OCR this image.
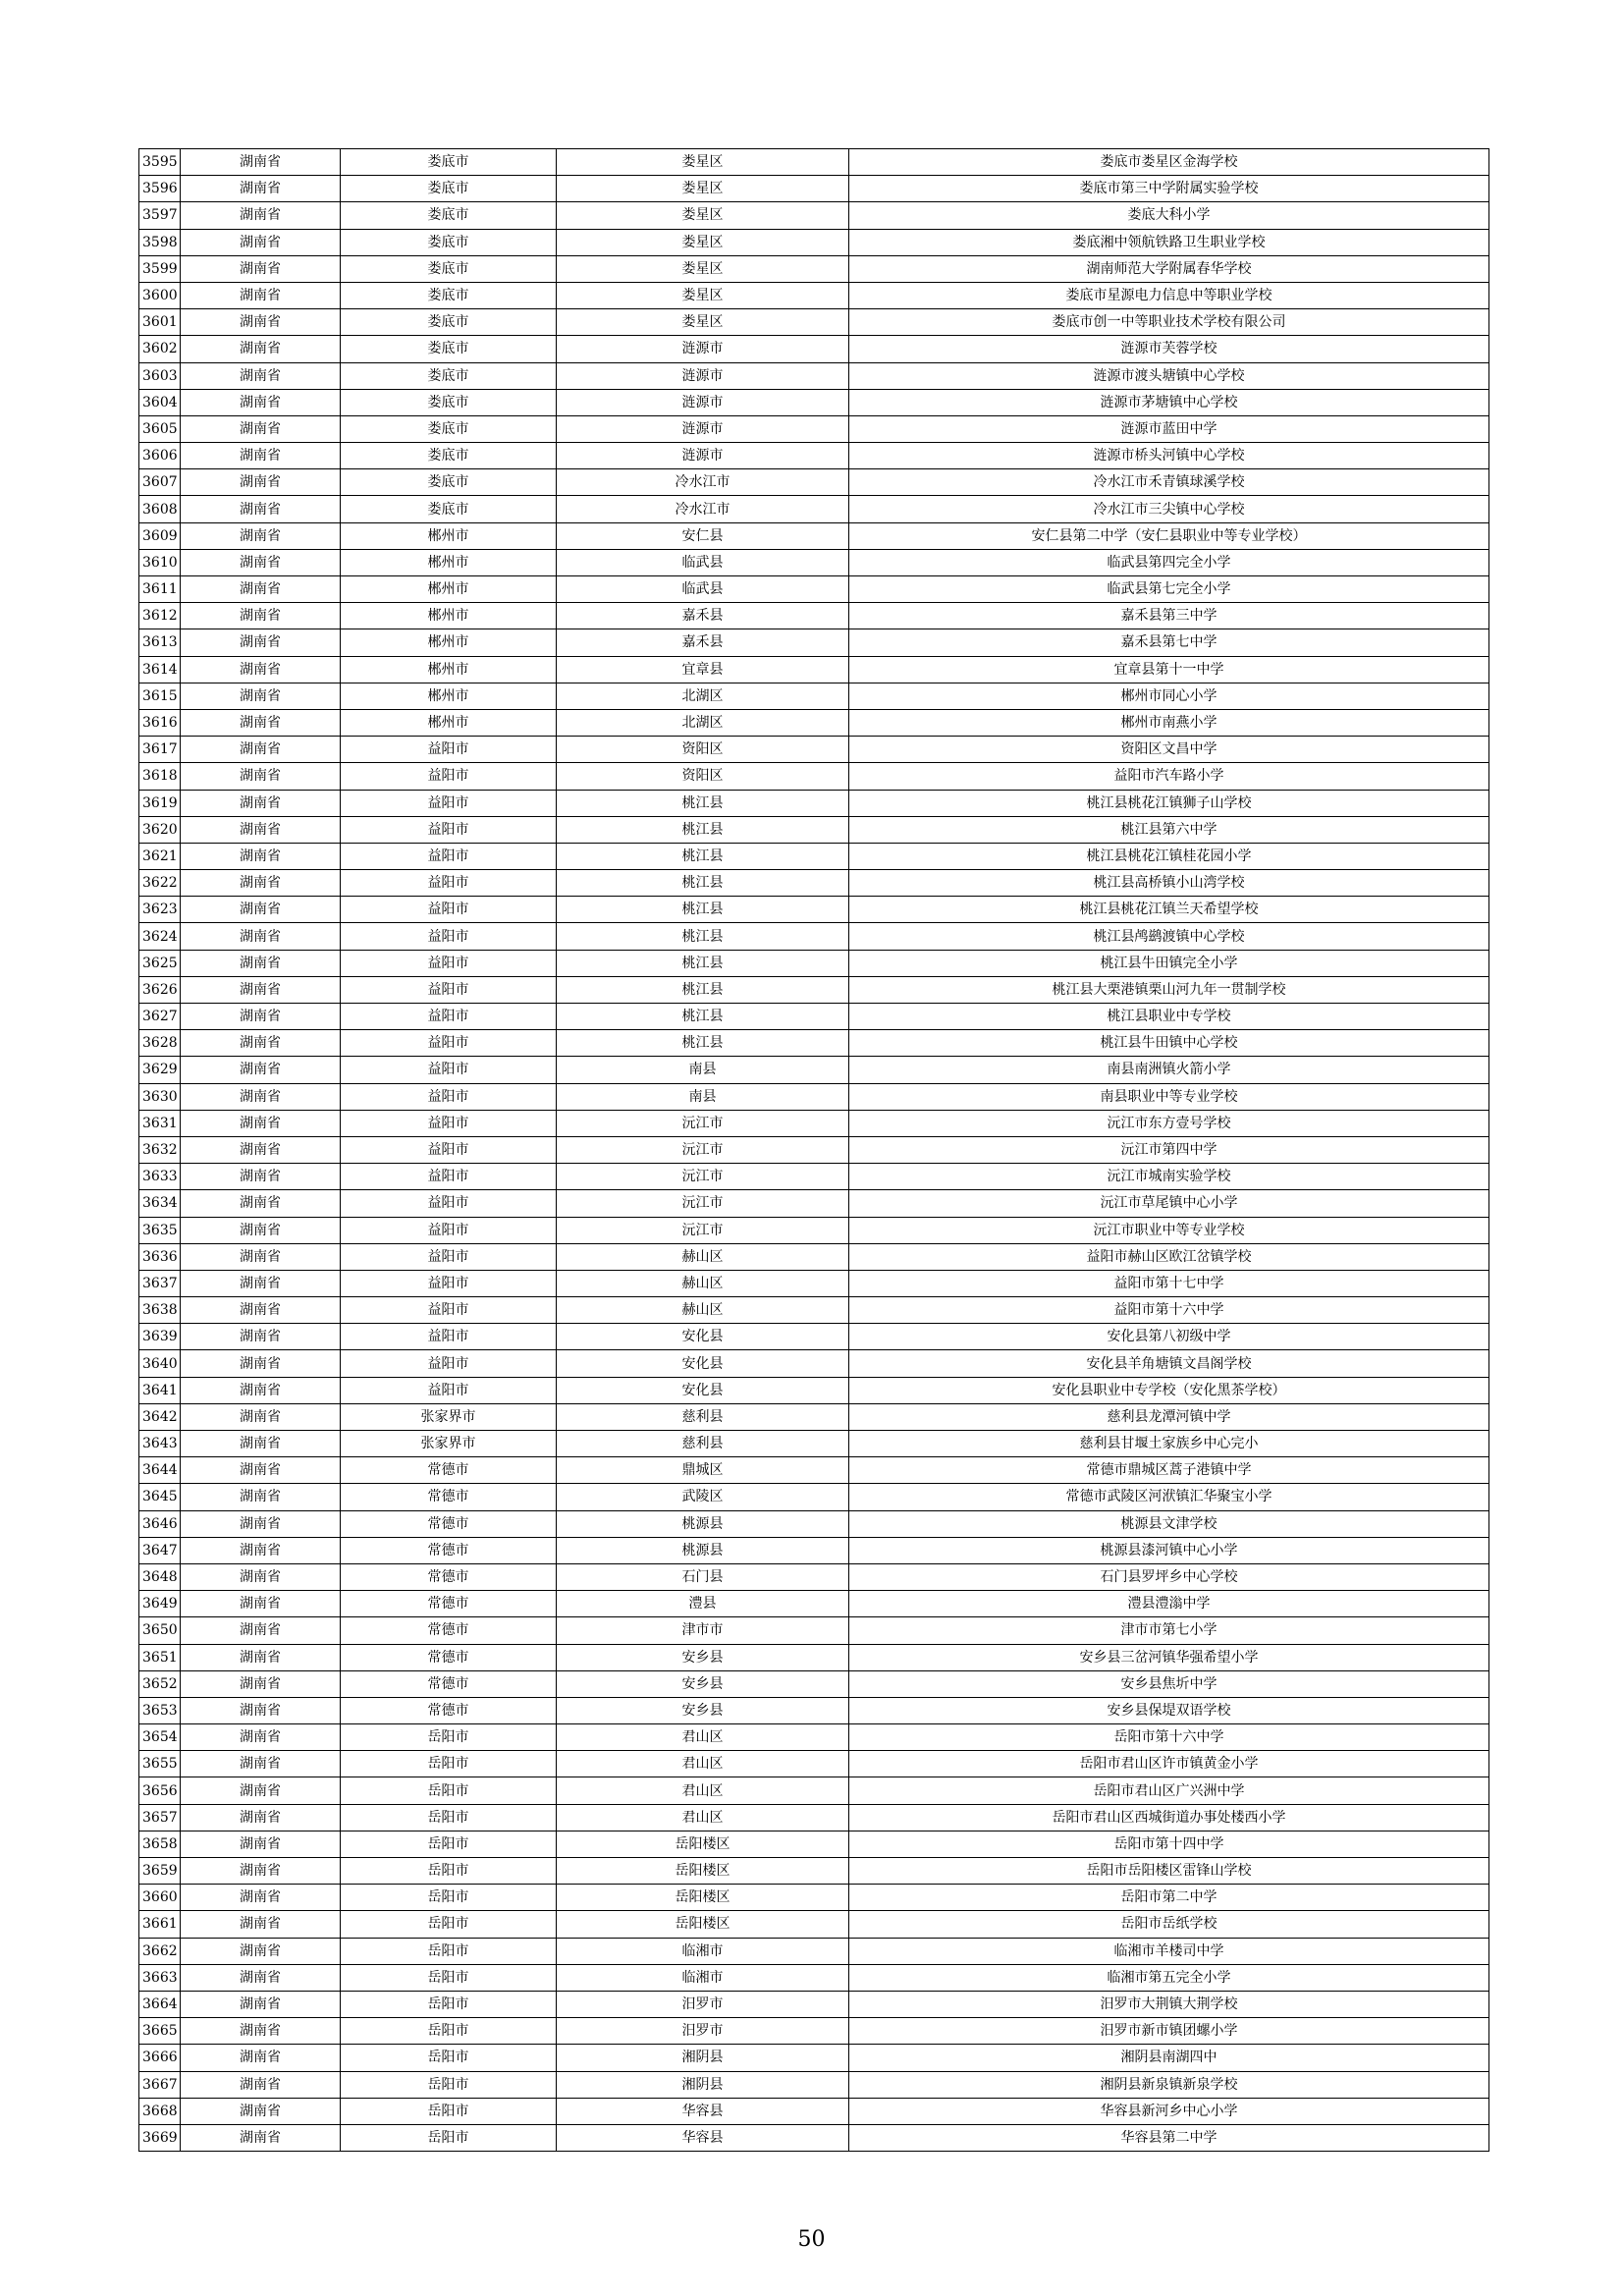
3595	湖南省	娄底市	娄星区	娄底市娄星区金海学校
3596	湖南省	娄底市	娄星区	娄底市第三中学附属实验学校
3597	湖南省	娄底市	娄星区	娄底大科小学
3598	湖南省	娄底市	娄星区	娄底湘中领航铁路卫生职业学校
3599	湖南省	娄底市	娄星区	湖南师范大学附属春华学校
3600	湖南省	娄底市	娄星区	娄底市星源电力信息中等职业学校
3601	湖南省	娄底市	娄星区	娄底市创一中等职业技术学校有限公司
3602	湖南省	娄底市	涟源市	涟源市芙蓉学校
3603	湖南省	娄底市	涟源市	涟源市渡头塘镇中心学校
3604	湖南省	娄底市	涟源市	涟源市茅塘镇中心学校
3605	湖南省	娄底市	涟源市	涟源市蓝田中学
3606	湖南省	娄底市	涟源市	涟源市桥头河镇中心学校
3607	湖南省	娄底市	冷水江市	冷水江市禾青镇球溪学校
3608	湖南省	娄底市	冷水江市	冷水江市三尖镇中心学校
3609	湖南省	郴州市	安仁县	安仁县第二中学（安仁县职业中等专业学校）
3610	湖南省	郴州市	临武县	临武县第四完全小学
3611	湖南省	郴州市	临武县	临武县第七完全小学
3612	湖南省	郴州市	嘉禾县	嘉禾县第三中学
3613	湖南省	郴州市	嘉禾县	嘉禾县第七中学
3614	湖南省	郴州市	宜章县	宜章县第十一中学
3615	湖南省	郴州市	北湖区	郴州市同心小学
3616	湖南省	郴州市	北湖区	郴州市南燕小学
3617	湖南省	益阳市	资阳区	资阳区文昌中学
3618	湖南省	益阳市	资阳区	益阳市汽车路小学
3619	湖南省	益阳市	桃江县	桃江县桃花江镇狮子山学校
3620	湖南省	益阳市	桃江县	桃江县第六中学
3621	湖南省	益阳市	桃江县	桃江县桃花江镇桂花园小学
3622	湖南省	益阳市	桃江县	桃江县高桥镇小山湾学校
3623	湖南省	益阳市	桃江县	桃江县桃花江镇兰天希望学校
3624	湖南省	益阳市	桃江县	桃江县鸬鹚渡镇中心学校
3625	湖南省	益阳市	桃江县	桃江县牛田镇完全小学
3626	湖南省	益阳市	桃江县	桃江县大栗港镇栗山河九年一贯制学校
3627	湖南省	益阳市	桃江县	桃江县职业中专学校
3628	湖南省	益阳市	桃江县	桃江县牛田镇中心学校
3629	湖南省	益阳市	南县	南县南洲镇火箭小学
3630	湖南省	益阳市	南县	南县职业中等专业学校
3631	湖南省	益阳市	沅江市	沅江市东方壹号学校
3632	湖南省	益阳市	沅江市	沅江市第四中学
3633	湖南省	益阳市	沅江市	沅江市城南实验学校
3634	湖南省	益阳市	沅江市	沅江市草尾镇中心小学
3635	湖南省	益阳市	沅江市	沅江市职业中等专业学校
3636	湖南省	益阳市	赫山区	益阳市赫山区欧江岔镇学校
3637	湖南省	益阳市	赫山区	益阳市第十七中学
3638	湖南省	益阳市	赫山区	益阳市第十六中学
3639	湖南省	益阳市	安化县	安化县第八初级中学
3640	湖南省	益阳市	安化县	安化县羊角塘镇文昌阁学校
3641	湖南省	益阳市	安化县	安化县职业中专学校（安化黑茶学校）
3642	湖南省	张家界市	慈利县	慈利县龙潭河镇中学
3643	湖南省	张家界市	慈利县	慈利县甘堰土家族乡中心完小
3644	湖南省	常德市	鼎城区	常德市鼎城区蒿子港镇中学
3645	湖南省	常德市	武陵区	常德市武陵区河洑镇汇华聚宝小学
3646	湖南省	常德市	桃源县	桃源县文津学校
3647	湖南省	常德市	桃源县	桃源县漆河镇中心小学
3648	湖南省	常德市	石门县	石门县罗坪乡中心学校
3649	湖南省	常德市	澧县	澧县澧滃中学
3650	湖南省	常德市	津市市	津市市第七小学
3651	湖南省	常德市	安乡县	安乡县三岔河镇华强希望小学
3652	湖南省	常德市	安乡县	安乡县焦圻中学
3653	湖南省	常德市	安乡县	安乡县保堤双语学校
3654	湖南省	岳阳市	君山区	岳阳市第十六中学
3655	湖南省	岳阳市	君山区	岳阳市君山区许市镇黄金小学
3656	湖南省	岳阳市	君山区	岳阳市君山区广兴洲中学
3657	湖南省	岳阳市	君山区	岳阳市君山区西城街道办事处楼西小学
3658	湖南省	岳阳市	岳阳楼区	岳阳市第十四中学
3659	湖南省	岳阳市	岳阳楼区	岳阳市岳阳楼区雷锋山学校
3660	湖南省	岳阳市	岳阳楼区	岳阳市第二中学
3661	湖南省	岳阳市	岳阳楼区	岳阳市岳纸学校
3662	湖南省	岳阳市	临湘市	临湘市羊楼司中学
3663	湖南省	岳阳市	临湘市	临湘市第五完全小学
3664	湖南省	岳阳市	汨罗市	汨罗市大荆镇大荆学校
3665	湖南省	岳阳市	汨罗市	汨罗市新市镇团螺小学
3666	湖南省	岳阳市	湘阴县	湘阴县南湖四中
3667	湖南省	岳阳市	湘阴县	湘阴县新泉镇新泉学校
3668	湖南省	岳阳市	华容县	华容县新河乡中心小学
3669	湖南省	岳阳市	华容县	华容县第二中学
50
